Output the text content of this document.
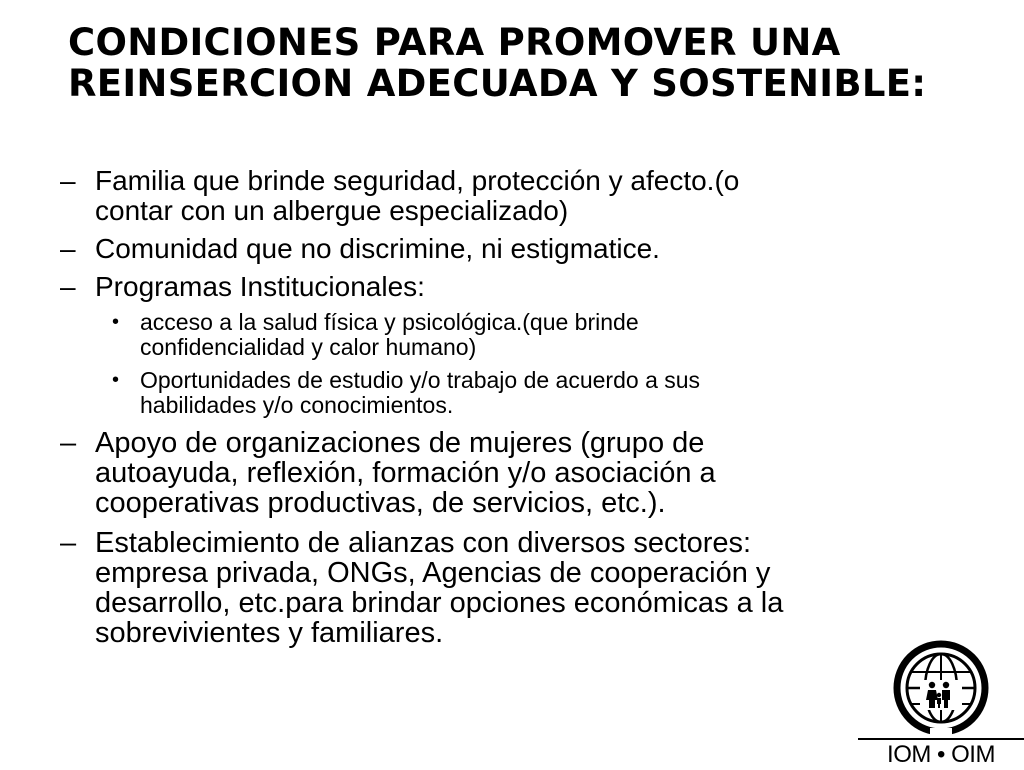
CONDICIONES PARA PROMOVER UNA
REINSERCION ADECUADA Y SOSTENIBLE:
– Familia que brinde seguridad, protección y afecto.(o
contar con un albergue especializado)
– Comunidad que no discrimine, ni estigmatice.
– Programas Institucionales:
• acceso a la salud física y psicológica.(que brinde
confidencialidad y calor humano)
• Oportunidades de estudio y/o trabajo de acuerdo a sus
habilidades y/o conocimientos.
– Apoyo de organizaciones de mujeres (grupo de
autoayuda, reflexión, formación y/o asociación a
cooperativas productivas, de servicios, etc.).
– Establecimiento de alianzas con diversos sectores:
empresa privada, ONGs, Agencias de cooperación y
desarrollo, etc.para brindar opciones económicas a la
sobrevivientes y familiares.
IOM • OIM
